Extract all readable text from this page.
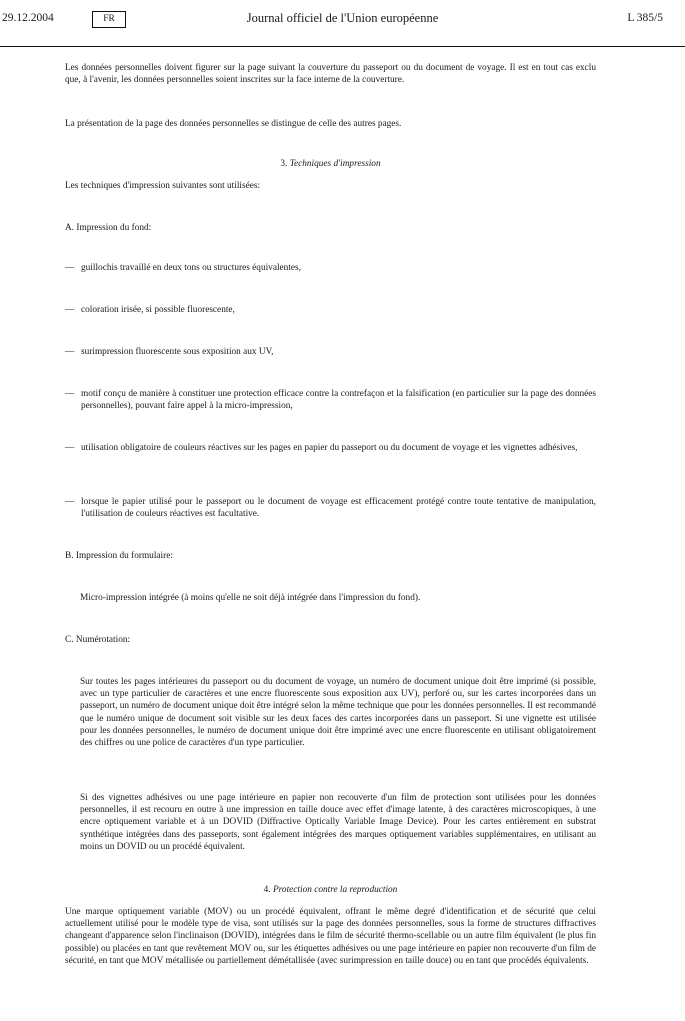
29.12.2004	FR	Journal officiel de l'Union européenne	L 385/5
Les données personnelles doivent figurer sur la page suivant la couverture du passeport ou du document de voyage. Il est en tout cas exclu que, à l'avenir, les données personnelles soient inscrites sur la face interne de la couverture.
La présentation de la page des données personnelles se distingue de celle des autres pages.
3. Techniques d'impression
Les techniques d'impression suivantes sont utilisées:
A. Impression du fond:
— guillochis travaillé en deux tons ou structures équivalentes,
— coloration irisée, si possible fluorescente,
— surimpression fluorescente sous exposition aux UV,
— motif conçu de manière à constituer une protection efficace contre la contrefaçon et la falsification (en particulier sur la page des données personnelles), pouvant faire appel à la micro-impression,
— utilisation obligatoire de couleurs réactives sur les pages en papier du passeport ou du document de voyage et les vignettes adhésives,
— lorsque le papier utilisé pour le passeport ou le document de voyage est efficacement protégé contre toute tentative de manipulation, l'utilisation de couleurs réactives est facultative.
B. Impression du formulaire:
Micro-impression intégrée (à moins qu'elle ne soit déjà intégrée dans l'impression du fond).
C. Numérotation:
Sur toutes les pages intérieures du passeport ou du document de voyage, un numéro de document unique doit être imprimé (si possible, avec un type particulier de caractères et une encre fluorescente sous exposition aux UV), perforé ou, sur les cartes incorporées dans un passeport, un numéro de document unique doit être intégré selon la même technique que pour les données personnelles. Il est recommandé que le numéro unique de document soit visible sur les deux faces des cartes incorporées dans un passeport. Si une vignette est utilisée pour les données personnelles, le numéro de document unique doit être imprimé avec une encre fluorescente en utilisant obligatoirement des chiffres ou une police de caractères d'un type particulier.
Si des vignettes adhésives ou une page intérieure en papier non recouverte d'un film de protection sont utilisées pour les données personnelles, il est recouru en outre à une impression en taille douce avec effet d'image latente, à des caractères microscopiques, à une encre optiquement variable et à un DOVID (Diffractive Optically Variable Image Device). Pour les cartes entièrement en substrat synthétique intégrées dans des passeports, sont également intégrées des marques optiquement variables supplémentaires, en utilisant au moins un DOVID ou un procédé équivalent.
4. Protection contre la reproduction
Une marque optiquement variable (MOV) ou un procédé équivalent, offrant le même degré d'identification et de sécurité que celui actuellement utilisé pour le modèle type de visa, sont utilisés sur la page des données personnelles, sous la forme de structures diffractives changeant d'apparence selon l'inclinaison (DOVID), intégrées dans le film de sécurité thermo-scellable ou un autre film équivalent (le plus fin possible) ou placées en tant que revêtement MOV ou, sur les étiquettes adhésives ou une page intérieure en papier non recouverte d'un film de sécurité, en tant que MOV métallisée ou partiellement démétallisée (avec surimpression en taille douce) ou en tant que procédés équivalents.
